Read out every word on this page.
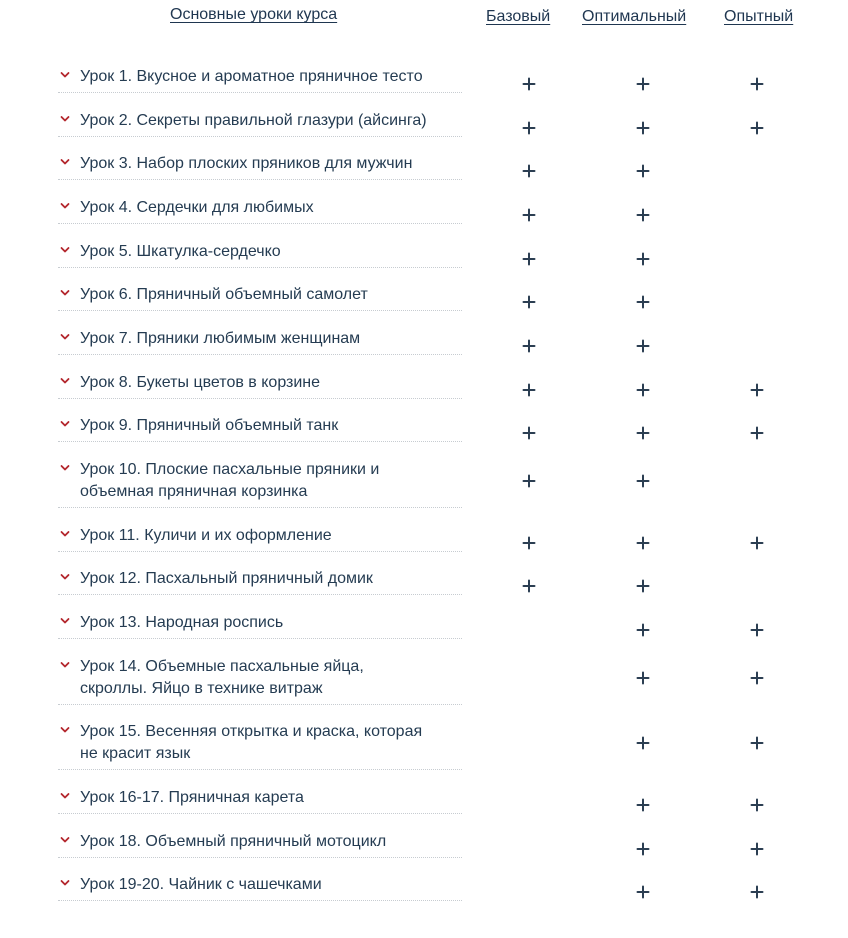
Основные уроки курса	Базовый Оптимальный Опытный
Урок 1. Вкусное и ароматное пряничное тесто
Урок 2. Секреты правильной глазури (айсинга)
Урок 3. Набор плоских пряников для мужчин
Урок 4. Сердечки для любимых
Урок 5. Шкатулка-сердечко
Урок 6. Пряничный объемный самолет
Урок 7. Пряники любимым женщинам
Урок 8. Букеты цветов в корзине
Урок 9. Пряничный объемный танк
Урок 10. Плоские пасхальные пряники и
объемная пряничная корзинка
Урок 11. Куличи и их оформление
Урок 12. Пасхальный пряничный домик
Урок 13. Народная роспись
Урок 14. Объемные пасхальные яйца,
скроллы. Яйцо в технике витраж
Урок 15. Весенняя открытка и краска, которая
не красит язык
Урок 16-17. Пряничная карета
Урок 18. Объемный пряничный мотоцикл
Урок 19-20. Чайник с чашечками
